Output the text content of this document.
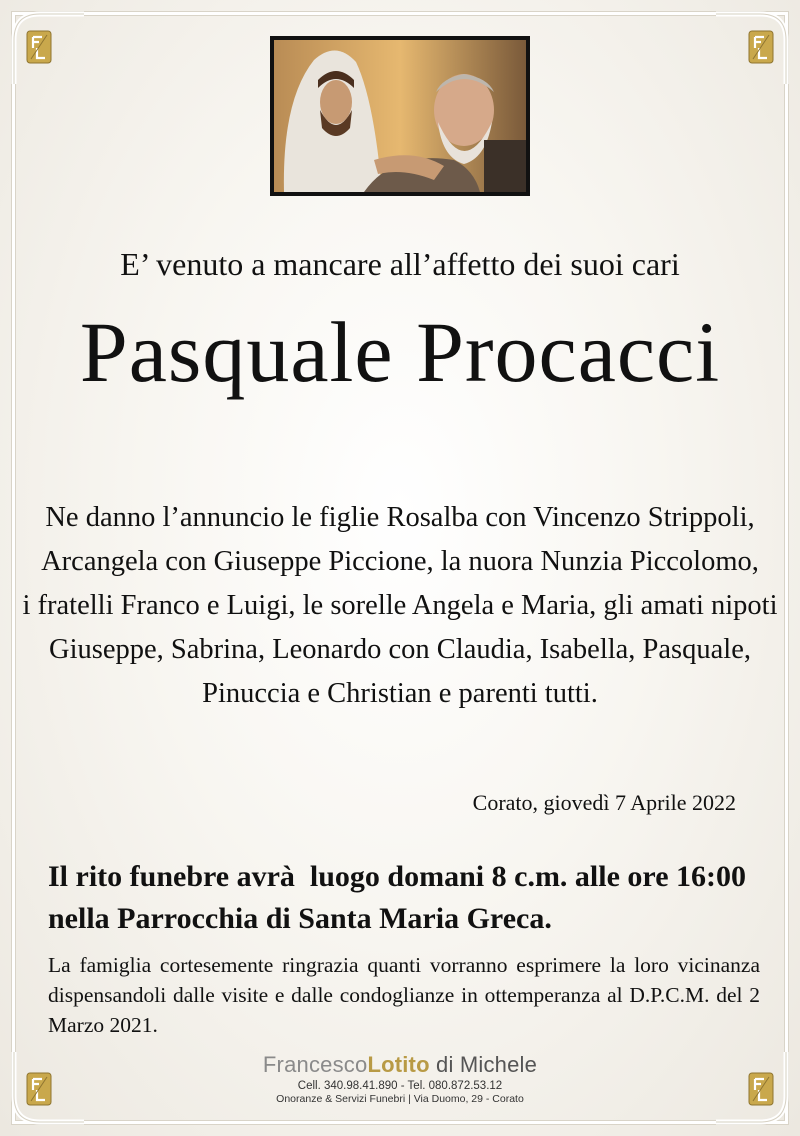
E’ venuto a mancare all’affetto dei suoi cari
Pasquale Procacci
Ne danno l’annuncio le figlie Rosalba con Vincenzo Strippoli,
Arcangela con Giuseppe Piccione, la nuora Nunzia Piccolomo,
i fratelli Franco e Luigi, le sorelle Angela e Maria, gli amati nipoti
Giuseppe, Sabrina, Leonardo con Claudia, Isabella, Pasquale,
Pinuccia e Christian e parenti tutti.
Corato, giovedì 7 Aprile 2022
Il rito funebre avrà  luogo domani 8 c.m. alle ore 16:00
nella Parrocchia di Santa Maria Greca.
La famiglia cortesemente ringrazia quanti vorranno esprimere la loro vicinanza dispensandoli dalle visite e dalle condoglianze in ottemperanza al D.P.C.M. del 2 Marzo 2021.
FrancescoLotito di Michele
Cell. 340.98.41.890 - Tel. 080.872.53.12
Onoranze & Servizi Funebri | Via Duomo, 29 - Corato
